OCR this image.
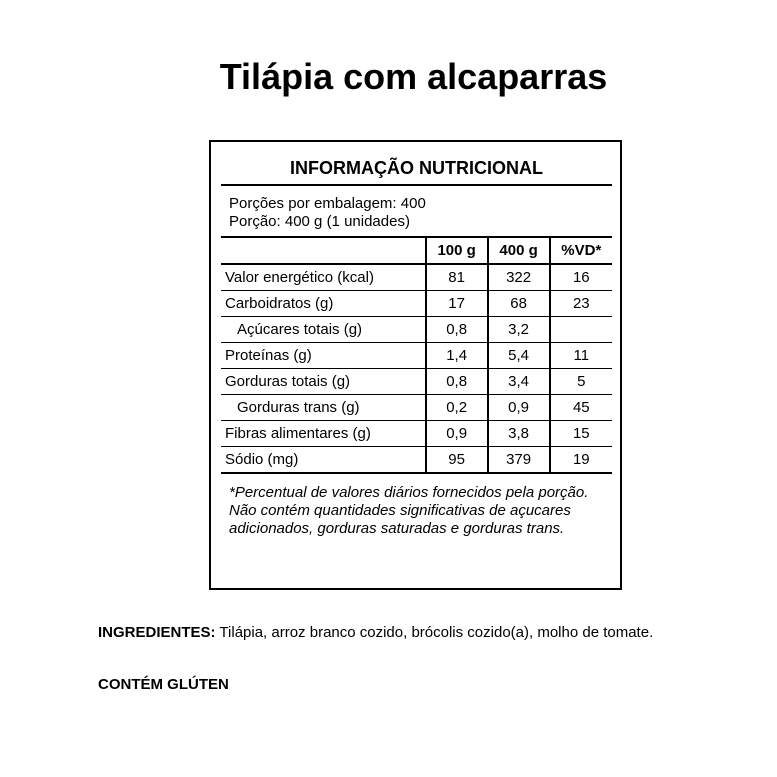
Tilápia com alcaparras
INFORMAÇÃO NUTRICIONAL
Porções por embalagem: 400
Porção: 400 g (1 unidades)
	100 g	400 g	%VD*
Valor energético (kcal)	81	322	16
Carboidratos (g)	17	68	23
Açúcares totais (g)	0,8	3,2	
Proteínas (g)	1,4	5,4	11
Gorduras totais (g)	0,8	3,4	5
Gorduras trans (g)	0,2	0,9	45
Fibras alimentares (g)	0,9	3,8	15
Sódio (mg)	95	379	19

*Percentual de valores diários fornecidos pela porção.

Não contém quantidades significativas de açucares adicionados, gorduras saturadas e gorduras trans.

INGREDIENTES: Tilápia, arroz branco cozido, brócolis cozido(a), molho de tomate.

CONTÉM GLÚTEN
